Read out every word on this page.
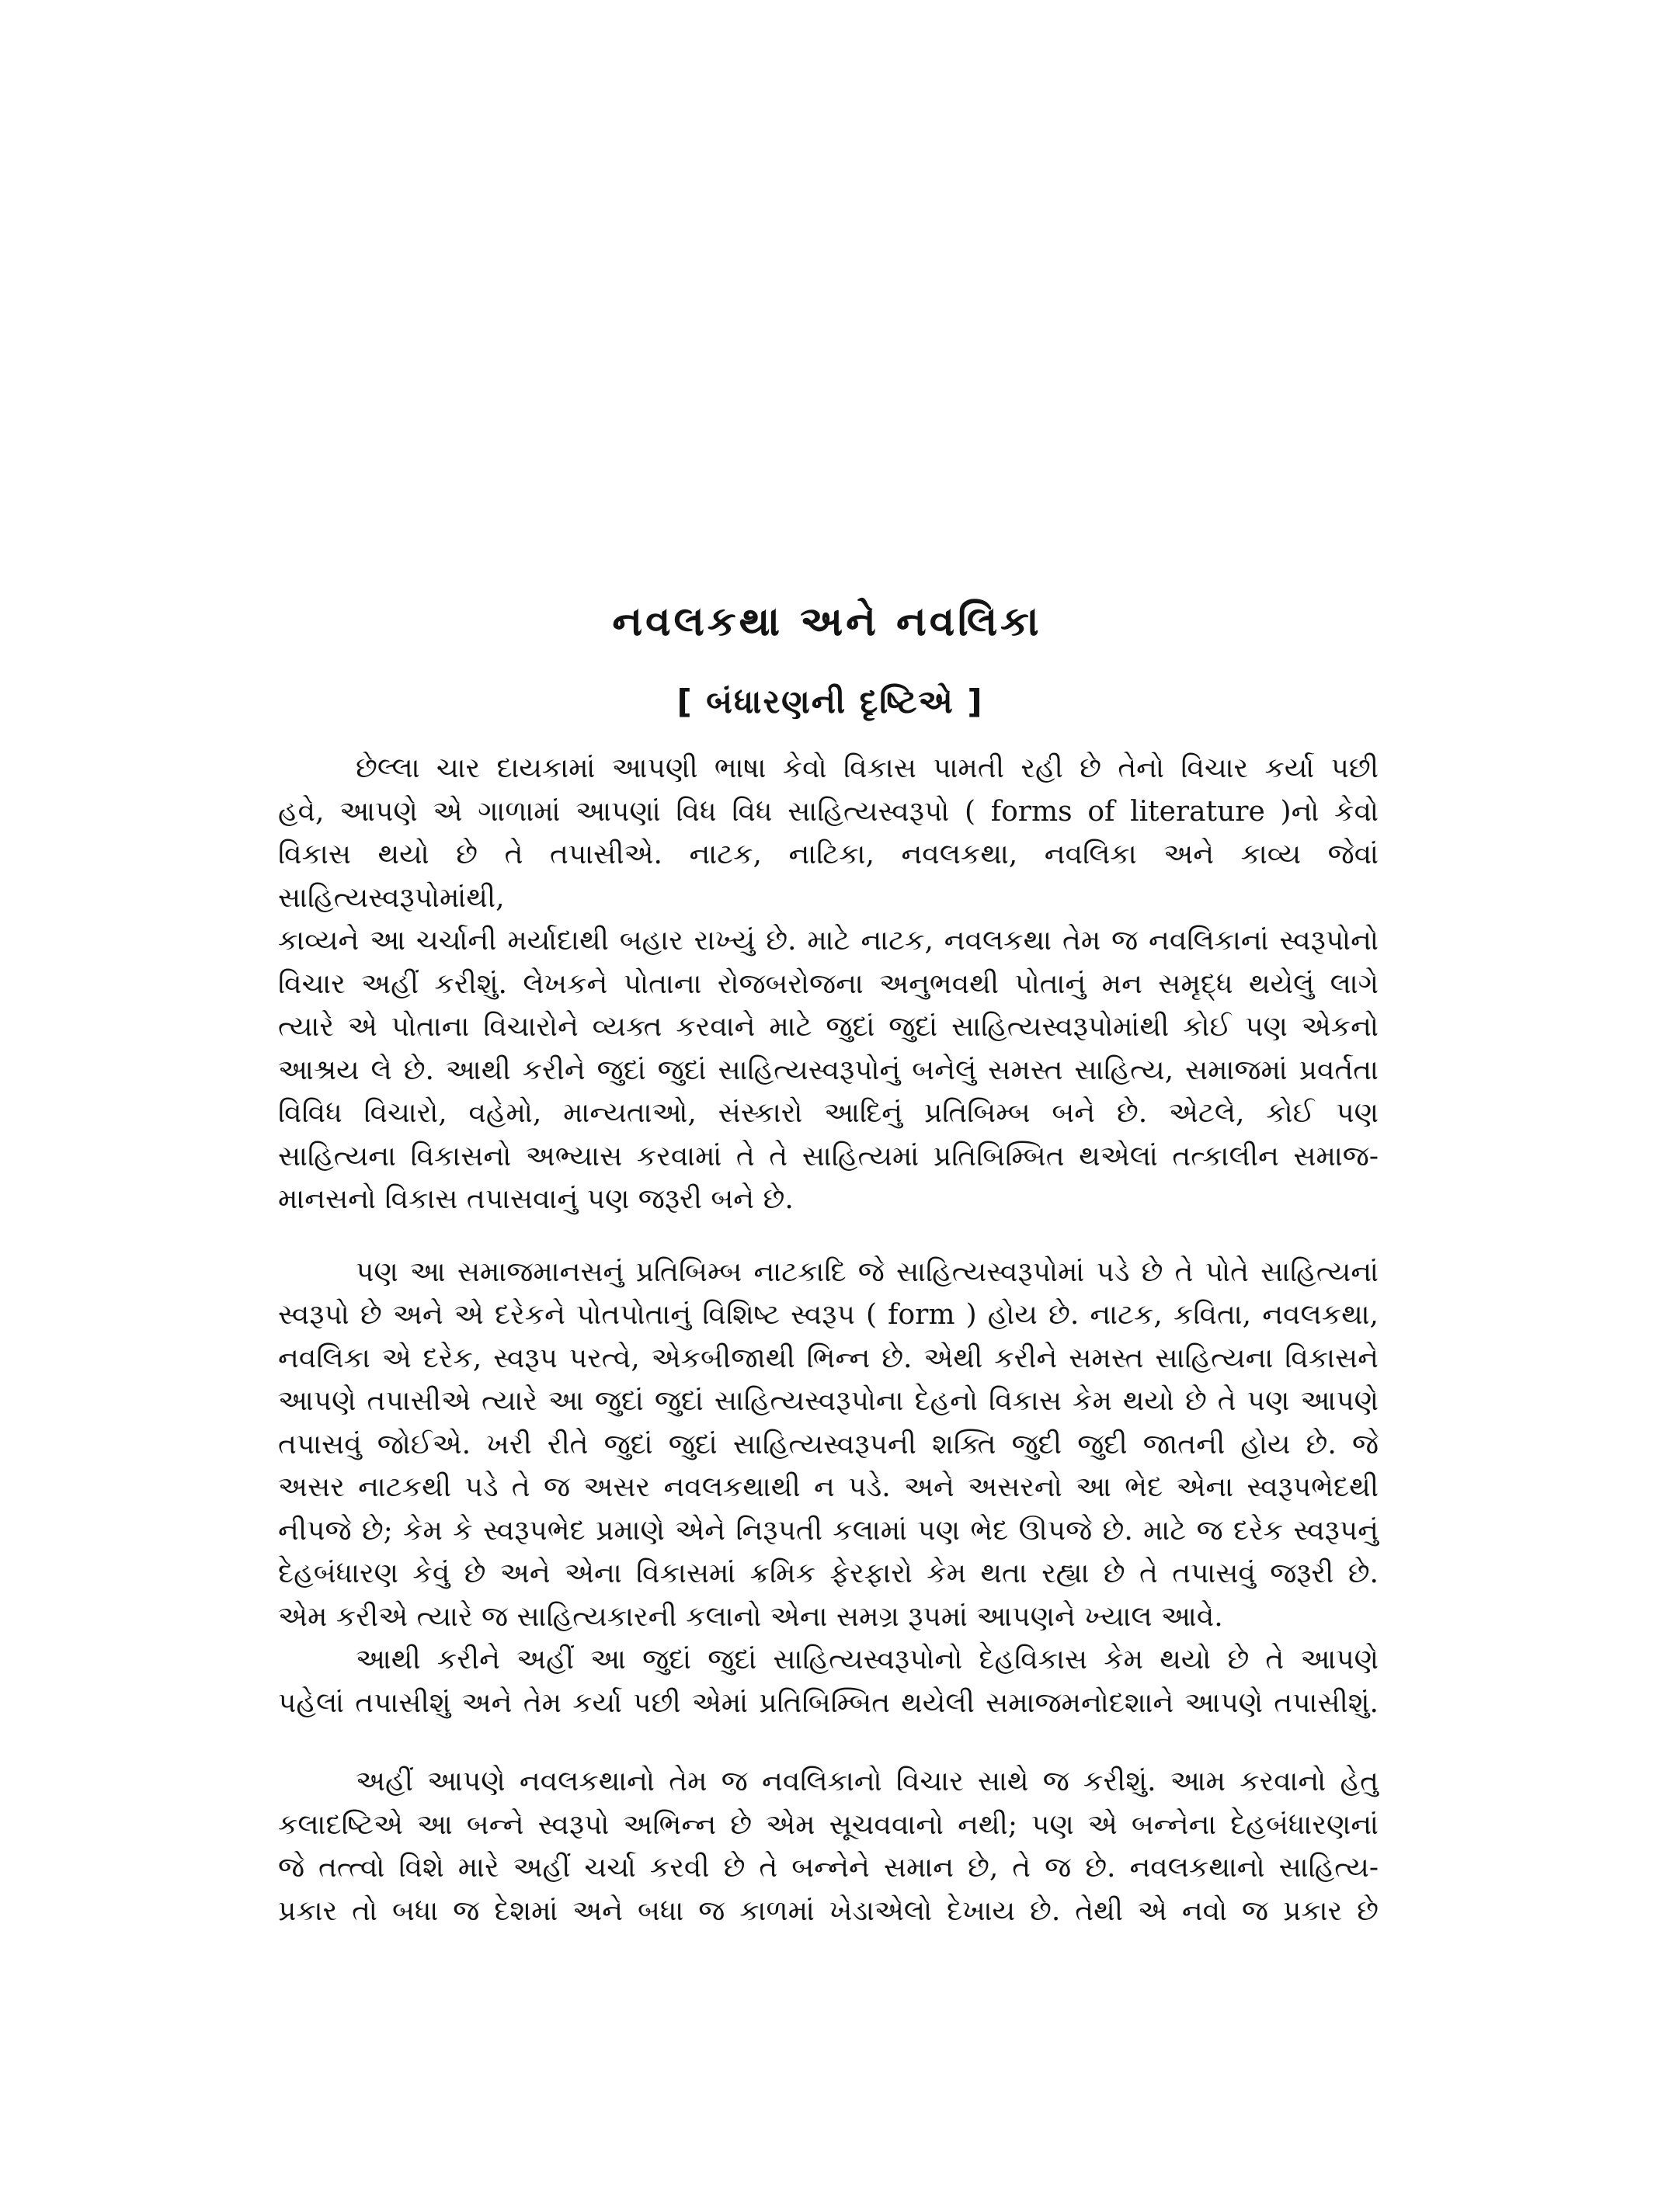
નવલકથા અને નવલિકા
[ બંધારણની દૃષ્ટિએ ]
છેલ્લા ચાર દાયકામાં આપણી ભાષા કેવો વિકાસ પામતી રહી છે તેનો વિચાર કર્યા પછી
હવે, આપણે એ ગાળામાં આપણાં વિધ વિધ સાહિત્યસ્વરૂપો ( forms of literature )નો કેવો
વિકાસ થયો છે તે તપાસીએ. નાટક, નાટિકા, નવલકથા, નવલિકા અને કાવ્ય જેવાં સાહિત્યસ્વરૂપોમાંથી,
કાવ્યને આ ચર્ચાની મર્યાદાથી બહાર રાખ્યું છે. માટે નાટક, નવલકથા તેમ જ નવલિકાનાં સ્વરૂપોનો
વિચાર અહીં કરીશું. લેખકને પોતાના રોજબરોજના અનુભવથી પોતાનું મન સમૃદ્ધ થયેલું લાગે
ત્યારે એ પોતાના વિચારોને વ્યક્ત કરવાને માટે જુદાં જુદાં સાહિત્યસ્વરૂપોમાંથી કોઈ પણ એકનો
આશ્રય લે છે. આથી કરીને જુદાં જુદાં સાહિત્યસ્વરૂપોનું બનેલું સમસ્ત સાહિત્ય, સમાજમાં પ્રવર્તતા
વિવિધ વિચારો, વહેમો, માન્યતાઓ, સંસ્કારો આદિનું પ્રતિબિમ્બ બને છે. એટલે, કોઈ પણ
સાહિત્યના વિકાસનો અભ્યાસ કરવામાં તે તે સાહિત્યમાં પ્રતિબિમ્બિત થએલાં તત્કાલીન સમાજ-
માનસનો વિકાસ તપાસવાનું પણ જરૂરી બને છે.
પણ આ સમાજમાનસનું પ્રતિબિમ્બ નાટકાદિ જે સાહિત્યસ્વરૂપોમાં પડે છે તે પોતે સાહિત્યનાં
સ્વરૂપો છે અને એ દરેકને પોતપોતાનું વિશિષ્ટ સ્વરૂપ ( form ) હોય છે. નાટક, કવિતા, નવલકથા,
નવલિકા એ દરેક, સ્વરૂપ પરત્વે, એકબીજાથી ભિન્ન છે. એથી કરીને સમસ્ત સાહિત્યના વિકાસને
આપણે તપાસીએ ત્યારે આ જુદાં જુદાં સાહિત્યસ્વરૂપોના દેહનો વિકાસ કેમ થયો છે તે પણ આપણે
તપાસવું જોઈએ. ખરી રીતે જુદાં જુદાં સાહિત્યસ્વરૂપની શક્તિ જુદી જુદી જાતની હોય છે. જે
અસર નાટકથી પડે તે જ અસર નવલકથાથી ન પડે. અને અસરનો આ ભેદ એના સ્વરૂપભેદથી
નીપજે છે; કેમ કે સ્વરૂપભેદ પ્રમાણે એને નિરૂપતી કલામાં પણ ભેદ ઊપજે છે. માટે જ દરેક સ્વરૂપનું
દેહબંધારણ કેવું છે અને એના વિકાસમાં ક્રમિક ફેરફારો કેમ થતા રહ્યા છે તે તપાસવું જરૂરી છે.
એમ કરીએ ત્યારે જ સાહિત્યકારની કલાનો એના સમગ્ર રૂપમાં આપણને ખ્યાલ આવે.
આથી કરીને અહીં આ જુદાં જુદાં સાહિત્યસ્વરૂપોનો દેહવિકાસ કેમ થયો છે તે આપણે
પહેલાં તપાસીશું અને તેમ કર્યા પછી એમાં પ્રતિબિમ્બિત થયેલી સમાજમનોદશાને આપણે તપાસીશું.
અહીં આપણે નવલકથાનો તેમ જ નવલિકાનો વિચાર સાથે જ કરીશું. આમ કરવાનો હેતુ
કલાદષ્ટિએ આ બન્ને સ્વરૂપો અભિન્ન છે એમ સૂચવવાનો નથી; પણ એ બન્નેના દેહબંધારણનાં
જે તત્ત્વો વિશે મારે અહીં ચર્ચા કરવી છે તે બન્નેને સમાન છે, તે જ છે. નવલકથાનો સાહિત્ય-
પ્રકાર તો બધા જ દેશમાં અને બધા જ કાળમાં ખેડાએલો દેખાય છે. તેથી એ નવો જ પ્રકાર છે
